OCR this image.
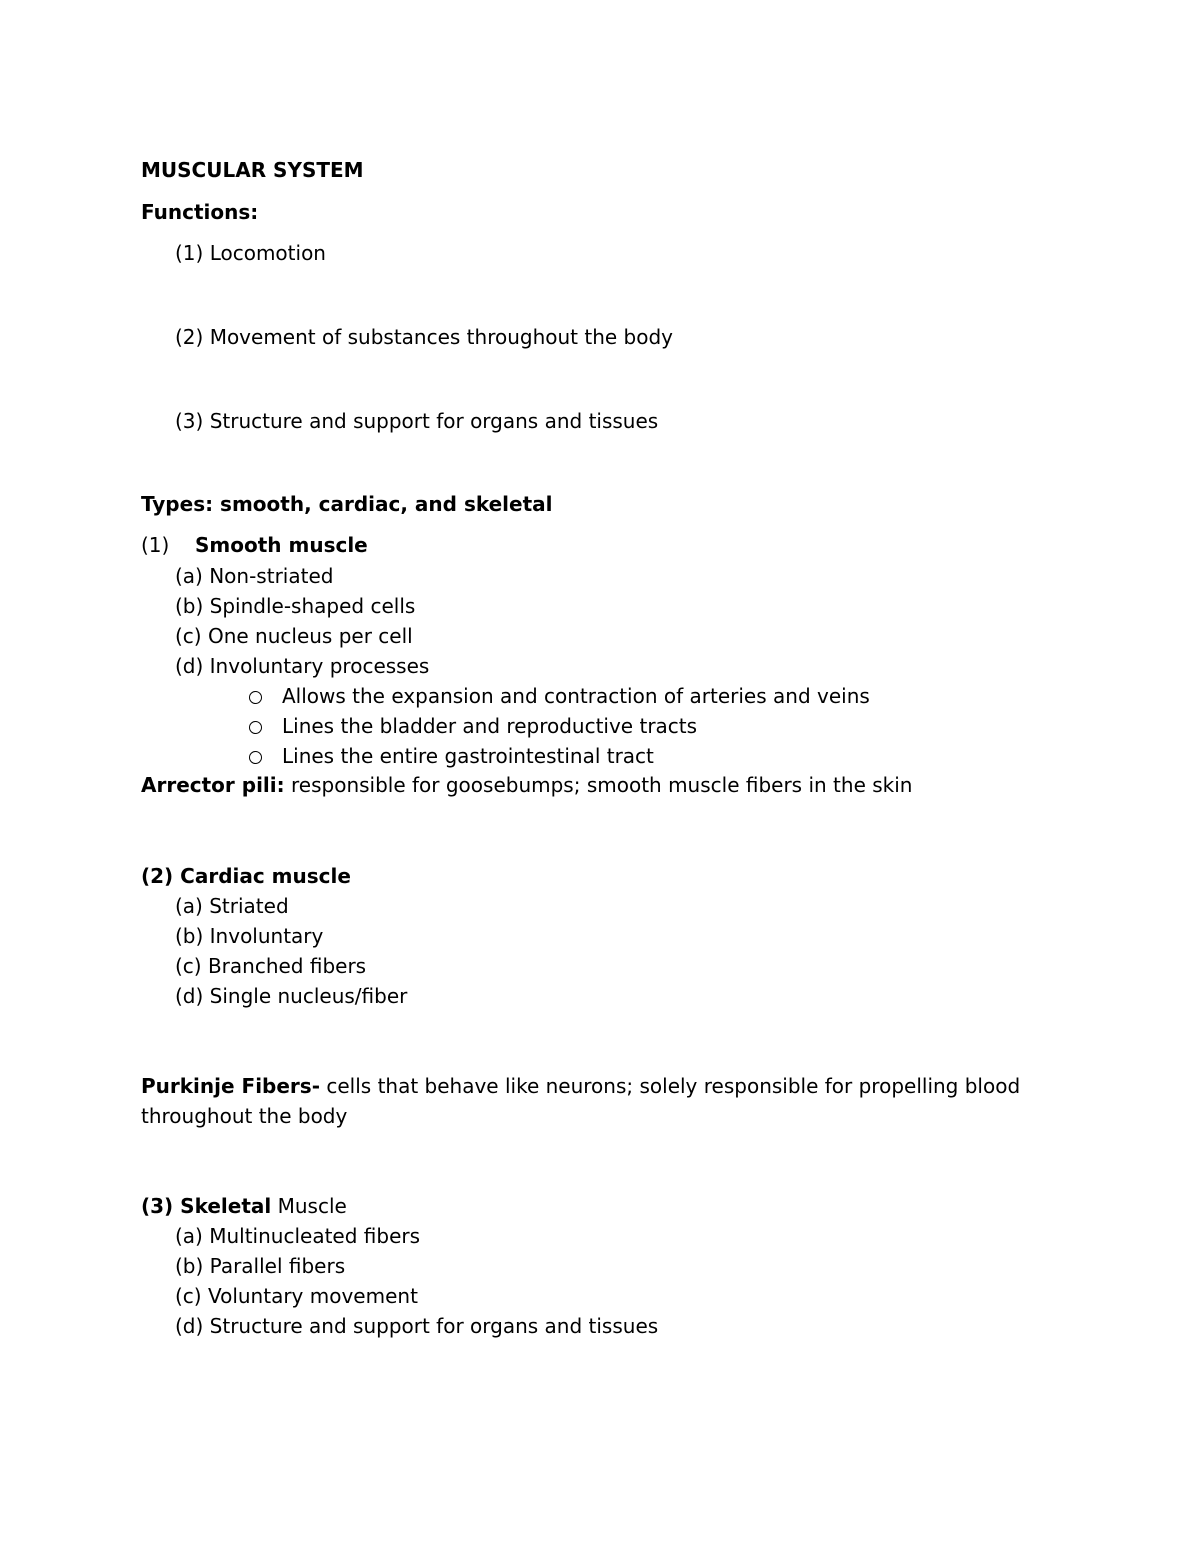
MUSCULAR SYSTEM
Functions:
(1) Locomotion
(2) Movement of substances throughout the body
(3) Structure and support for organs and tissues
Types: smooth, cardiac, and skeletal
(1) Smooth muscle
(a) Non-striated
(b) Spindle-shaped cells
(c) One nucleus per cell
(d) Involuntary processes
Allows the expansion and contraction of arteries and veins
Lines the bladder and reproductive tracts
Lines the entire gastrointestinal tract
Arrector pili: responsible for goosebumps; smooth muscle fibers in the skin
(2) Cardiac muscle
(a) Striated
(b) Involuntary
(c) Branched fibers
(d) Single nucleus/fiber
Purkinje Fibers- cells that behave like neurons; solely responsible for propelling blood
throughout the body
(3) Skeletal Muscle
(a) Multinucleated fibers
(b) Parallel fibers
(c) Voluntary movement
(d) Structure and support for organs and tissues
